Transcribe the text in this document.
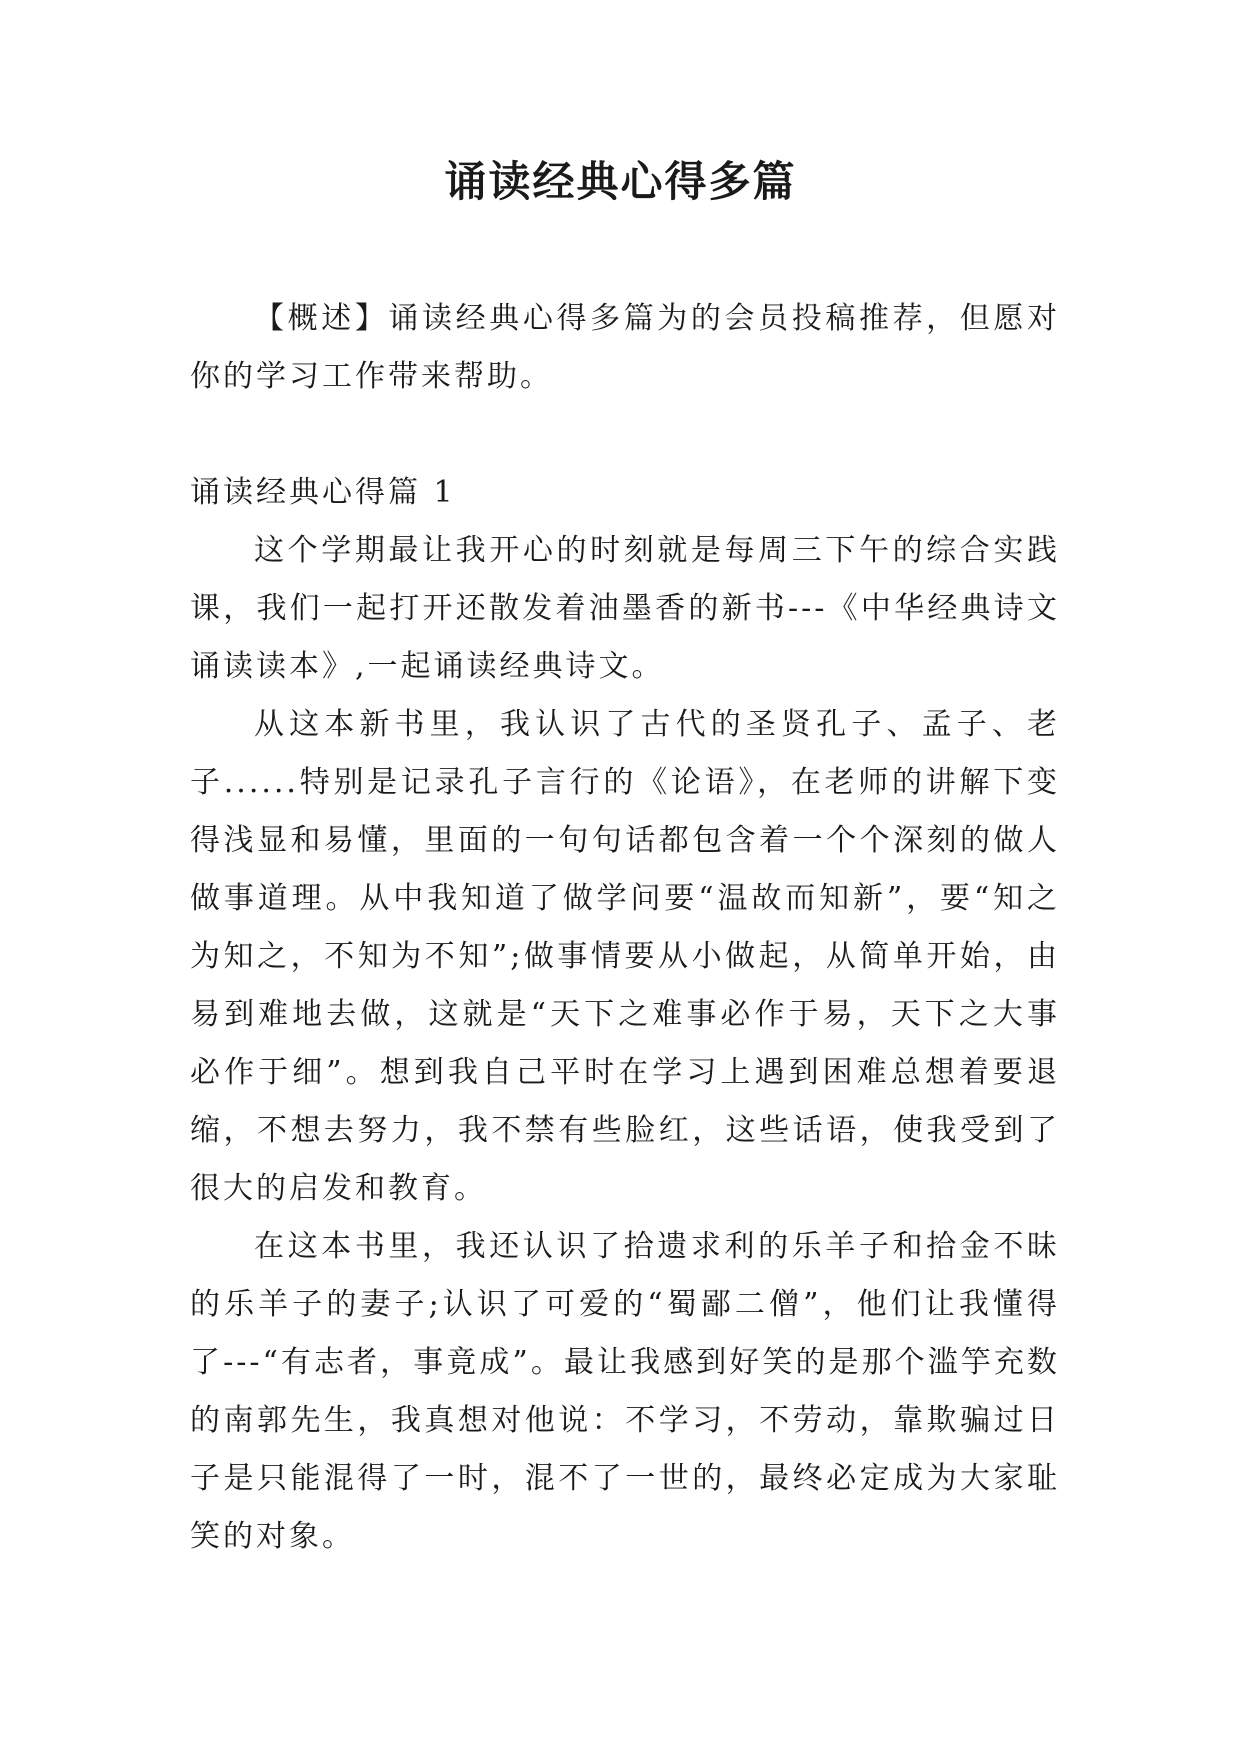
诵读经典心得多篇

【概述】诵读经典心得多篇为的会员投稿推荐，但愿对你的学习工作带来帮助。

诵读经典心得篇 1

这个学期最让我开心的时刻就是每周三下午的综合实践课，我们一起打开还散发着油墨香的新书---《中华经典诗文诵读读本》,一起诵读经典诗文。

从这本新书里，我认识了古代的圣贤孔子、孟子、老子......特别是记录孔子言行的《论语》，在老师的讲解下变得浅显和易懂，里面的一句句话都包含着一个个深刻的做人做事道理。从中我知道了做学问要“温故而知新”，要“知之为知之，不知为不知”;做事情要从小做起，从简单开始，由易到难地去做，这就是“天下之难事必作于易，天下之大事必作于细”。想到我自己平时在学习上遇到困难总想着要退缩，不想去努力，我不禁有些脸红，这些话语，使我受到了很大的启发和教育。

在这本书里，我还认识了拾遗求利的乐羊子和拾金不昧的乐羊子的妻子;认识了可爱的“蜀鄙二僧”，他们让我懂得了---“有志者，事竟成”。最让我感到好笑的是那个滥竽充数的南郭先生，我真想对他说：不学习，不劳动，靠欺骗过日子是只能混得了一时，混不了一世的，最终必定成为大家耻笑的对象。
